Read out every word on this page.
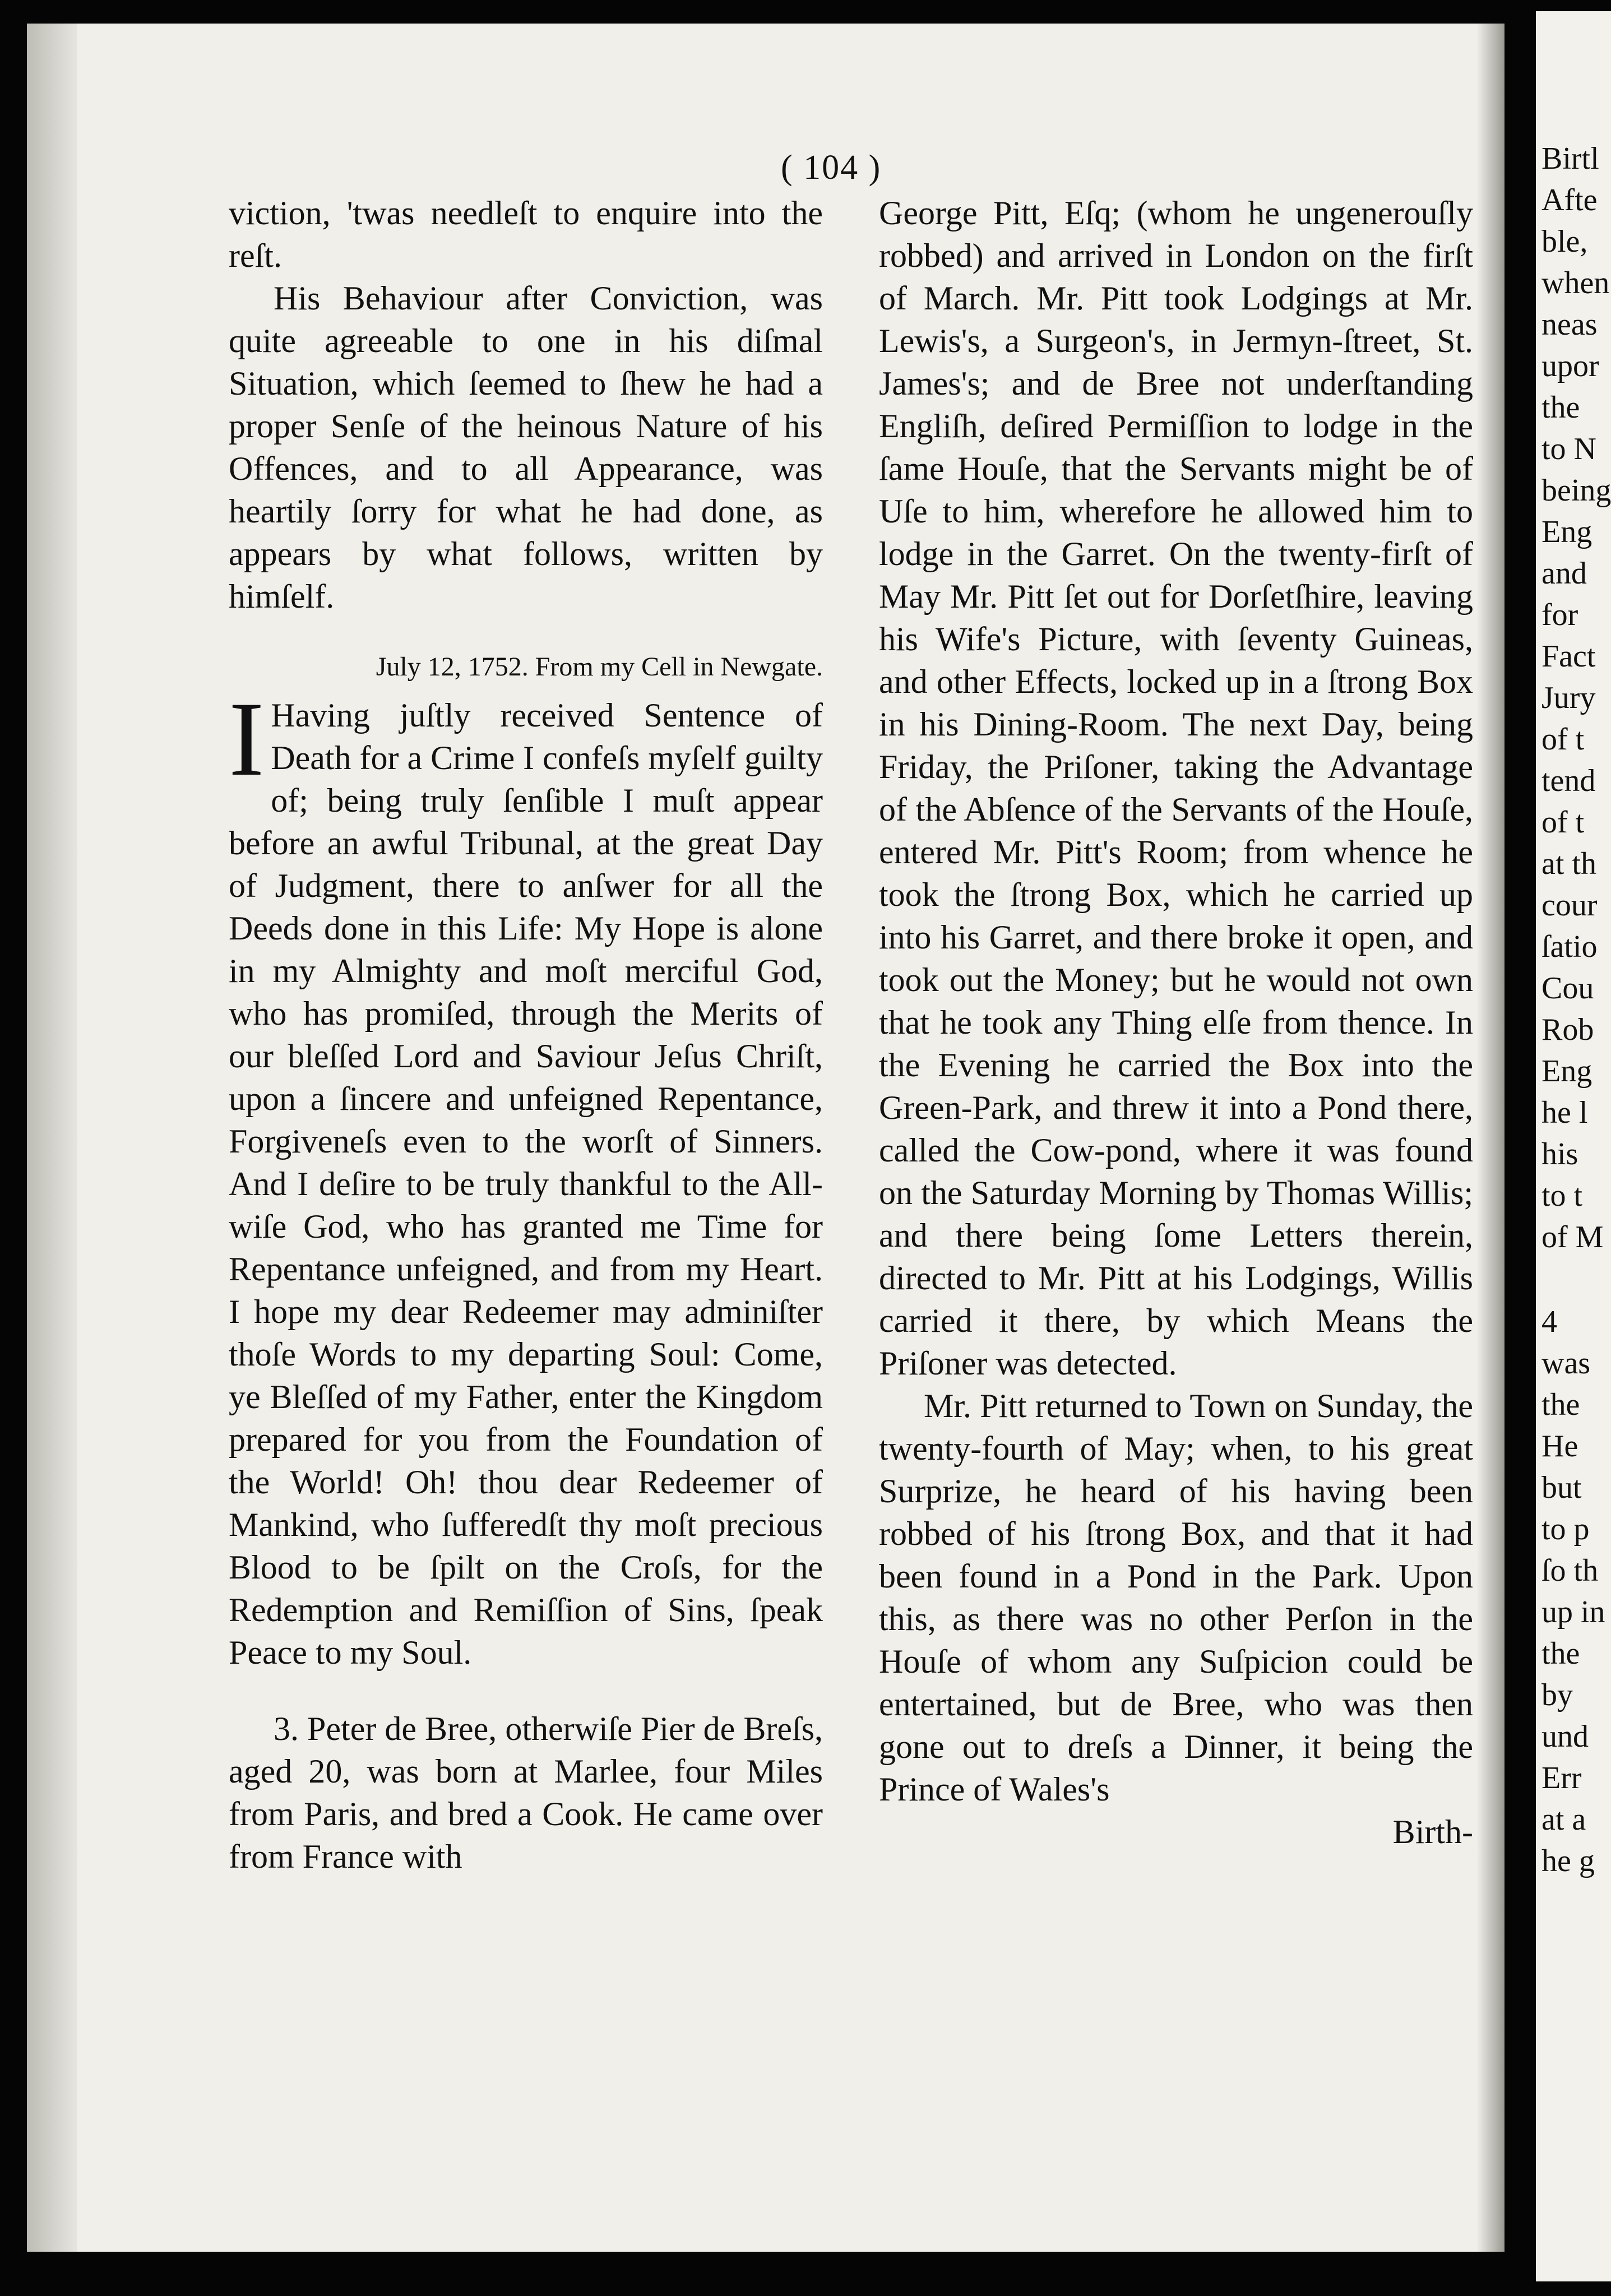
( 104 )

viction, 'twas needleſt to enquire into the reſt.

His Behaviour after Conviction, was quite agreeable to one in his diſmal Situation, which ſeemed to ſhew he had a proper Senſe of the heinous Nature of his Offences, and to all Appearance, was heartily ſorry for what he had done, as appears by what follows, written by himſelf.

July 12, 1752. From my Cell in Newgate.

IHaving juſtly received Sentence of Death for a Crime I confeſs myſelf guilty of; being truly ſenſible I muſt appear before an awful Tribunal, at the great Day of Judgment, there to anſwer for all the Deeds done in this Life: My Hope is alone in my Almighty and moſt merciful God, who has promiſed, through the Merits of our bleſſed Lord and Saviour Jeſus Chriſt, upon a ſincere and unfeigned Repentance, Forgiveneſs even to the worſt of Sinners. And I deſire to be truly thankful to the All-wiſe God, who has granted me Time for Repentance unfeigned, and from my Heart. I hope my dear Redeemer may adminiſter thoſe Words to my departing Soul: Come, ye Bleſſed of my Father, enter the Kingdom prepared for you from the Foundation of the World! Oh! thou dear Redeemer of Mankind, who ſufferedſt thy moſt precious Blood to be ſpilt on the Croſs, for the Redemption and Remiſſion of Sins, ſpeak Peace to my Soul.

3. Peter de Bree, otherwiſe Pier de Breſs, aged 20, was born at Marlee, four Miles from Paris, and bred a Cook. He came over from France with

George Pitt, Eſq; (whom he ungenerouſly robbed) and arrived in London on the firſt of March. Mr. Pitt took Lodgings at Mr. Lewis's, a Surgeon's, in Jermyn-ſtreet, St. James's; and de Bree not underſtanding Engliſh, deſired Permiſſion to lodge in the ſame Houſe, that the Servants might be of Uſe to him, wherefore he allowed him to lodge in the Garret. On the twenty-firſt of May Mr. Pitt ſet out for Dorſetſhire, leaving his Wife's Picture, with ſeventy Guineas, and other Effects, locked up in a ſtrong Box in his Dining-Room. The next Day, being Friday, the Priſoner, taking the Advantage of the Abſence of the Servants of the Houſe, entered Mr. Pitt's Room; from whence he took the ſtrong Box, which he carried up into his Garret, and there broke it open, and took out the Money; but he would not own that he took any Thing elſe from thence. In the Evening he carried the Box into the Green-Park, and threw it into a Pond there, called the Cow-pond, where it was found on the Saturday Morning by Thomas Willis; and there being ſome Letters therein, directed to Mr. Pitt at his Lodgings, Willis carried it there, by which Means the Priſoner was detected.

Mr. Pitt returned to Town on Sunday, the twenty-fourth of May; when, to his great Surprize, he heard of his having been robbed of his ſtrong Box, and that it had been found in a Pond in the Park. Upon this, as there was no other Perſon in the Houſe of whom any Suſpicion could be entertained, but de Bree, who was then gone out to dreſs a Dinner, it being the Prince of Wales's

Birth-

Birtl
Afte
ble,
when
neas
upor
the
to N
being
Eng
and
for
Fact
Jury
of t
tend
of t
at th
cour
ſatio
Cou
Rob
Eng
he l
his
to t
of M
4
was
the
He
but
to p
ſo th
up in
the
by
und
Err
at a
he g
